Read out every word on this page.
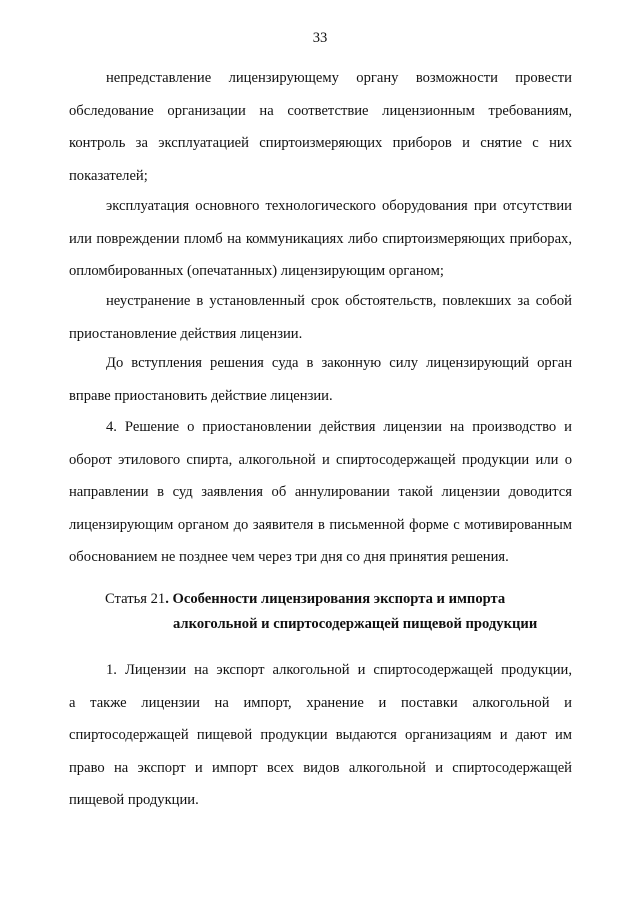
33
непредставление лицензирующему органу возможности провести
обследование организации на соответствие лицензионным требованиям,
контроль за эксплуатацией спиртоизмеряющих приборов и снятие с них
показателей;
эксплуатация основного технологического оборудования при отсутствии
или повреждении пломб на коммуникациях либо спиртоизмеряющих приборах,
опломбированных (опечатанных) лицензирующим органом;
неустранение в установленный срок обстоятельств, повлекших за собой
приостановление действия лицензии.
До вступления решения суда в законную силу лицензирующий орган
вправе приостановить действие лицензии.
4. Решение о приостановлении действия лицензии на производство и
оборот этилового спирта, алкогольной и спиртосодержащей продукции или о
направлении в суд заявления об аннулировании такой лицензии доводится
лицензирующим органом до заявителя в письменной форме с мотивированным
обоснованием не позднее чем через три дня со дня принятия решения.
Статья 21. Особенности лицензирования экспорта и импорта
алкогольной и спиртосодержащей пищевой продукции
1. Лицензии на экспорт алкогольной и спиртосодержащей продукции,
а также лицензии на импорт, хранение и поставки алкогольной и
спиртосодержащей пищевой продукции выдаются организациям и дают им
право на экспорт и импорт всех видов алкогольной и спиртосодержащей
пищевой продукции.
